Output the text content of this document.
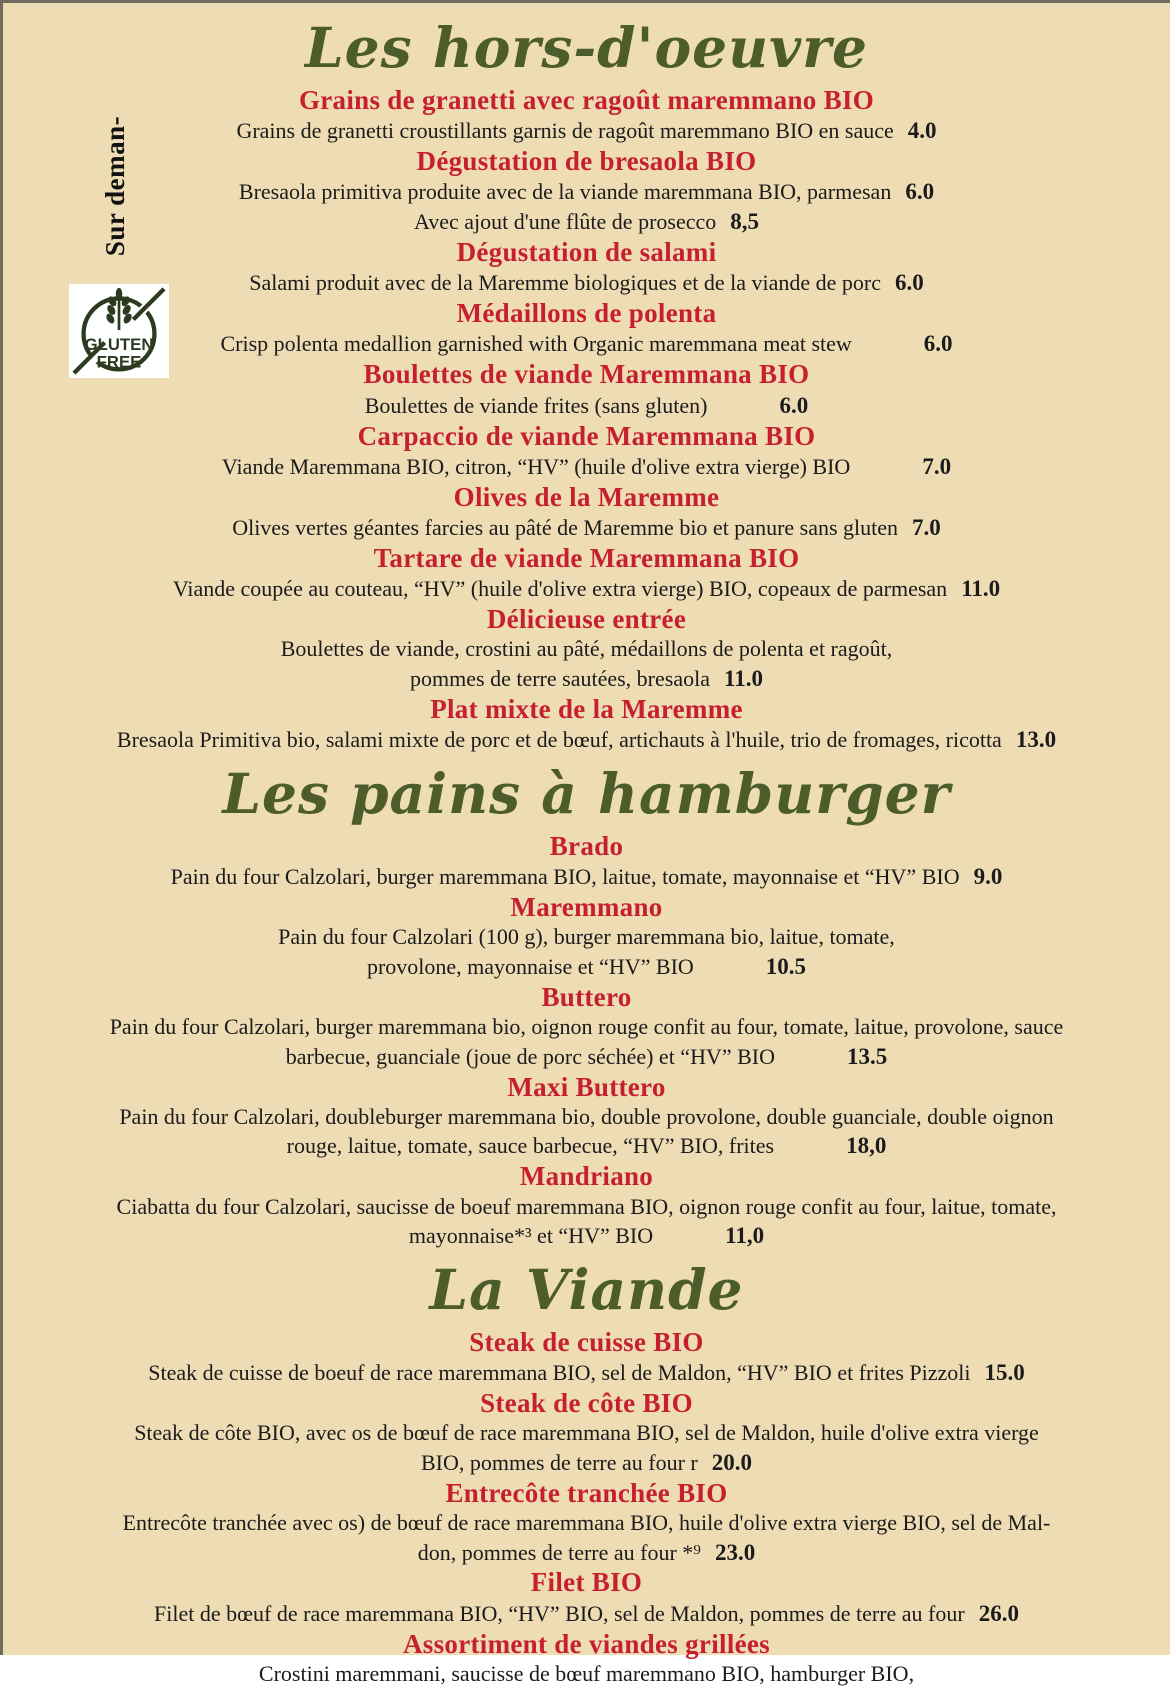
Sur deman-
GLUTEN
FREE
Les hors-d'oeuvre
Grains de granetti avec ragoût maremmano BIO
Grains de granetti croustillants garnis de ragoût maremmano BIO en sauce 4.0
Dégustation de bresaola BIO
Bresaola primitiva produite avec de la viande maremmana BIO, parmesan 6.0
Avec ajout d'une flûte de prosecco 8,5
Dégustation de salami
Salami produit avec de la Maremme biologiques et de la viande de porc 6.0
Médaillons de polenta
Crisp polenta medallion garnished with Organic maremmana meat stew	6.0
Boulettes de viande Maremmana BIO
Boulettes de viande frites (sans gluten)	6.0
Carpaccio de viande Maremmana BIO
Viande Maremmana BIO, citron, “HV” (huile d'olive extra vierge) BIO	7.0
Olives de la Maremme
Olives vertes géantes farcies au pâté de Maremme bio et panure sans gluten 7.0
Tartare de viande Maremmana BIO
Viande coupée au couteau, “HV” (huile d'olive extra vierge) BIO, copeaux de parmesan 11.0
Délicieuse entrée
Boulettes de viande, crostini au pâté, médaillons de polenta et ragoût,
pommes de terre sautées, bresaola 11.0
Plat mixte de la Maremme
Bresaola Primitiva bio, salami mixte de porc et de bœuf, artichauts à l'huile, trio de fromages, ricotta 13.0
Les pains à hamburger
Brado
Pain du four Calzolari, burger maremmana BIO, laitue, tomate, mayonnaise et “HV” BIO 9.0
Maremmano
Pain du four Calzolari (100 g), burger maremmana bio, laitue, tomate,
provolone, mayonnaise et “HV” BIO	10.5
Buttero
Pain du four Calzolari, burger maremmana bio, oignon rouge confit au four, tomate, laitue, provolone, sauce
barbecue, guanciale (joue de porc séchée) et “HV” BIO	13.5
Maxi Buttero
Pain du four Calzolari, doubleburger maremmana bio, double provolone, double guanciale, double oignon
rouge, laitue, tomate, sauce barbecue, “HV” BIO, frites	18,0
Mandriano
Ciabatta du four Calzolari, saucisse de boeuf maremmana BIO, oignon rouge confit au four, laitue, tomate,
mayonnaise*³ et “HV” BIO	11,0
La Viande
Steak de cuisse BIO
Steak de cuisse de boeuf de race maremmana BIO, sel de Maldon, “HV” BIO et frites Pizzoli 15.0
Steak de côte BIO
Steak de côte BIO, avec os de bœuf de race maremmana BIO, sel de Maldon, huile d'olive extra vierge
BIO, pommes de terre au four r 20.0
Entrecôte tranchée BIO
Entrecôte tranchée avec os) de bœuf de race maremmana BIO, huile d'olive extra vierge BIO, sel de Mal-
don, pommes de terre au four *⁹ 23.0
Filet BIO
Filet de bœuf de race maremmana BIO, “HV” BIO, sel de Maldon, pommes de terre au four 26.0
Assortiment de viandes grillées
Crostini maremmani, saucisse de bœuf maremmano BIO, hamburger BIO,
